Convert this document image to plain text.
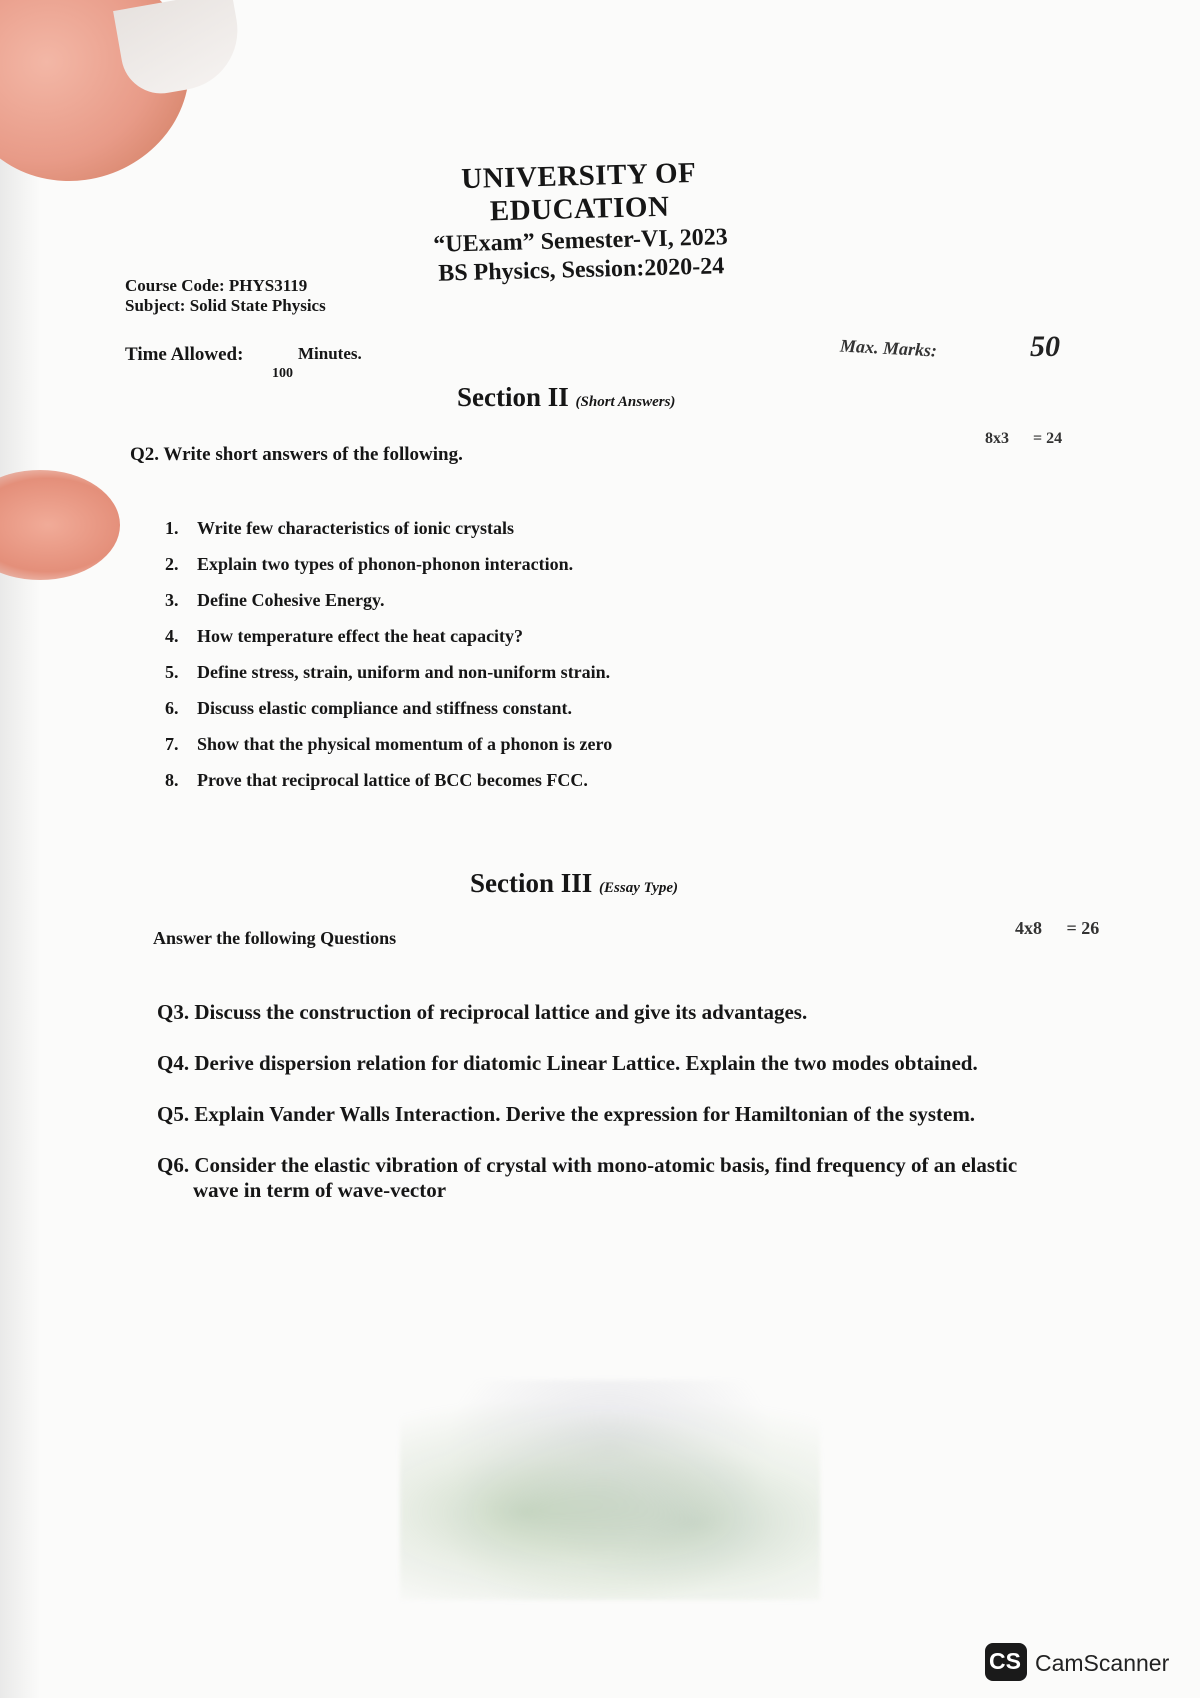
UNIVERSITY OF EDUCATION
“UExam” Semester-VI, 2023
BS Physics, Session:2020-24
Course Code: PHYS3119
Subject: Solid State Physics
Time Allowed:	Minutes.
100
Max. Marks:	50
Section II (Short Answers)
Q2. Write short answers of the following.
8x3 = 24
1. Write few characteristics of ionic crystals
2. Explain two types of phonon-phonon interaction.
3. Define Cohesive Energy.
4. How temperature effect the heat capacity?
5. Define stress, strain, uniform and non-uniform strain.
6. Discuss elastic compliance and stiffness constant.
7. Show that the physical momentum of a phonon is zero
8. Prove that reciprocal lattice of BCC becomes FCC.
Section III (Essay Type)
Answer the following Questions	4x8 = 26
Q3. Discuss the construction of reciprocal lattice and give its advantages.
Q4. Derive dispersion relation for diatomic Linear Lattice. Explain the two modes obtained.
Q5. Explain Vander Walls Interaction. Derive the expression for Hamiltonian of the system.
Q6. Consider the elastic vibration of crystal with mono-atomic basis, find frequency of an elastic
wave in term of wave-vector
CS CamScanner
